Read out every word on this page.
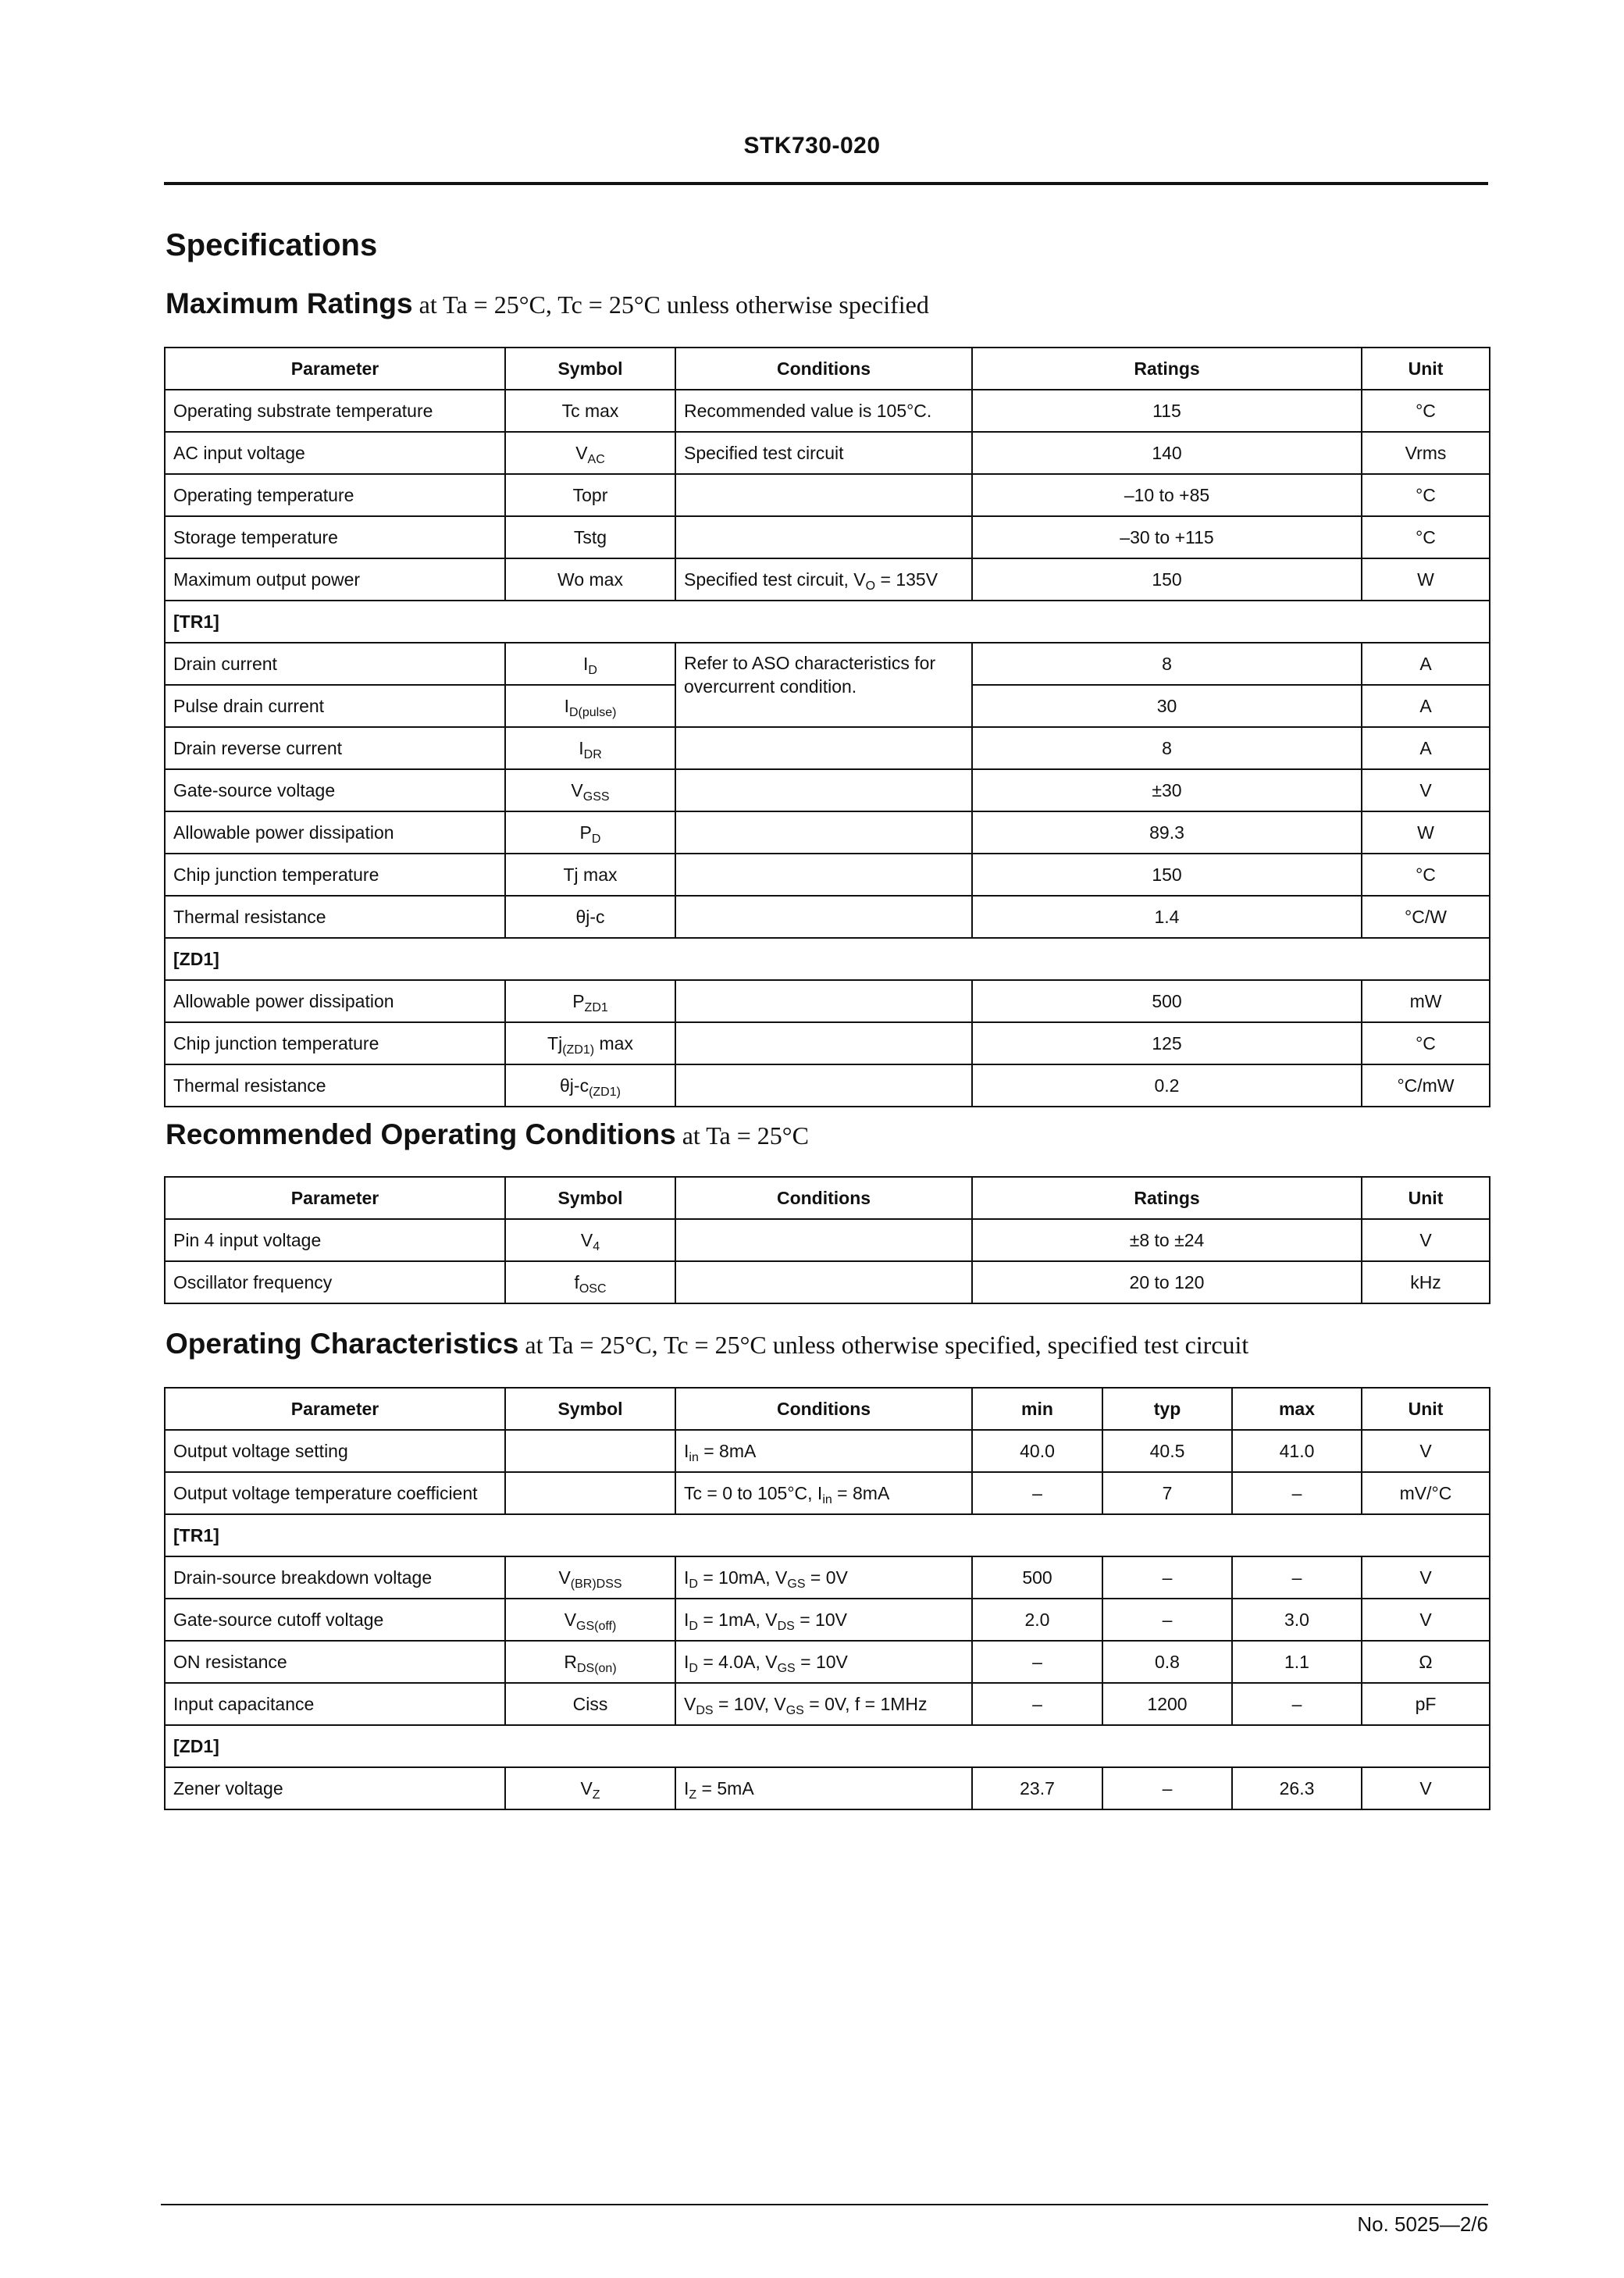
STK730-020
Specifications
Maximum Ratings at Ta = 25°C, Tc = 25°C unless otherwise specified
Parameter	Symbol	Conditions	Ratings	Unit
Operating substrate temperature	Tc max	Recommended value is 105°C.	115	°C
AC input voltage	$V_{AC}$	Specified test circuit	140	Vrms
Operating temperature	Topr		–10 to +85	°C
Storage temperature	Tstg		–30 to +115	°C
Maximum output power	Wo max	Specified test circuit, $V_O = 135V$	150	W
[TR1]				
Drain current	$I_D$	Refer to ASO characteristics for overcurrent condition.	8	A
Pulse drain current	$I_{D(pulse)}$		30	A
Drain reverse current	$I_{DR}$		8	A
Gate-source voltage	$V_{GSS}$		±30	V
Allowable power dissipation	$P_D$		89.3	W
Chip junction temperature	Tj max		150	°C
Thermal resistance	θj-c		1.4	°C/W
[ZD1]				
Allowable power dissipation	$P_{ZD1}$		500	mW
Chip junction temperature	$Tj_{(ZD1)}$ max		125	°C
Thermal resistance	$\theta j-c_{(ZD1)}$		0.2	°C/mW
Recommended Operating Conditions at Ta = 25°C
Parameter	Symbol	Conditions	Ratings	Unit
Pin 4 input voltage	$V_4$		±8 to ±24	V
Oscillator frequency	$f_{OSC}$		20 to 120	kHz
Operating Characteristics at Ta = 25°C, Tc = 25°C unless otherwise specified, specified test circuit
Parameter	Symbol	Conditions	min	typ	max	Unit
Output voltage setting		$I_{in} = 8mA$	40.0	40.5	41.0	V
Output voltage temperature coefficient		Tc = 0 to 105°C, $I_{in} = 8mA$	–	7	–	mV/°C
[TR1]						
Drain-source breakdown voltage	$V_{(BR)DSS}$	$I_D = 10mA$, $V_{GS} = 0V$	500	–	–	V
Gate-source cutoff voltage	$V_{GS(off)}$	$I_D = 1mA$, $V_{DS} = 10V$	2.0	–	3.0	V
ON resistance	$R_{DS(on)}$	$I_D = 4.0A$, $V_{GS} = 10V$	–	0.8	1.1	Ω
Input capacitance	Ciss	$V_{DS} = 10V$, $V_{GS} = 0V$, f = 1MHz	–	1200	–	pF
[ZD1]						
Zener voltage	$V_Z$	$I_Z = 5mA$	23.7	–	26.3	V
No. 5025—2/6
